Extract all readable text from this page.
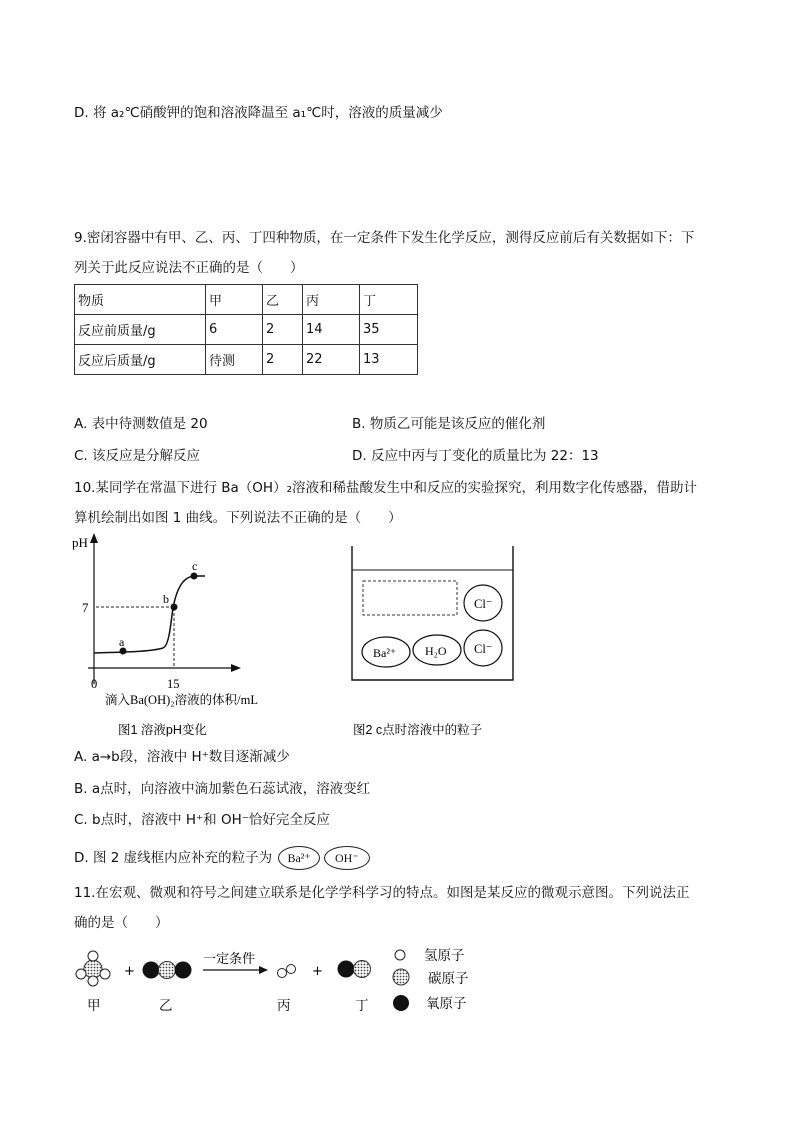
D. 将 a₂℃硝酸钾的饱和溶液降温至 a₁℃时，溶液的质量减少
9.密闭容器中有甲、乙、丙、丁四种物质，在一定条件下发生化学反应，测得反应前后有关数据如下：下
列关于此反应说法不正确的是（　　）
物质	甲	乙	丙	丁
反应前质量/g	6	2	14	35
反应后质量/g	待测	2	22	13
A. 表中待测数值是 20	B. 物质乙可能是该反应的催化剂
C. 该反应是分解反应	D. 反应中丙与丁变化的质量比为 22：13
10.某同学在常温下进行 Ba（OH）₂溶液和稀盐酸发生中和反应的实验探究，利用数字化传感器，借助计
算机绘制出如图 1 曲线。下列说法不正确的是（　　）
pH
7
0	15
a
b
c
滴入Ba(OH)₂溶液的体积/mL
图1 溶液pH变化
Cl⁻
Cl⁻
Ba²⁺ H₂O
图2 c点时溶液中的粒子
A. a→b段，溶液中 H⁺数目逐渐减少
B. a点时，向溶液中滴加紫色石蕊试液，溶液变红
C. b点时，溶液中 H⁺和 OH⁻恰好完全反应
D. 图 2 虚线框内应补充的粒子为 Ba²⁺ OH⁻
11.在宏观、微观和符号之间建立联系是化学学科学习的特点。如图是某反应的微观示意图。下列说法正
确的是（　　）
+
一定条件
+
甲	乙	丙	丁
氢原子
碳原子
氧原子
